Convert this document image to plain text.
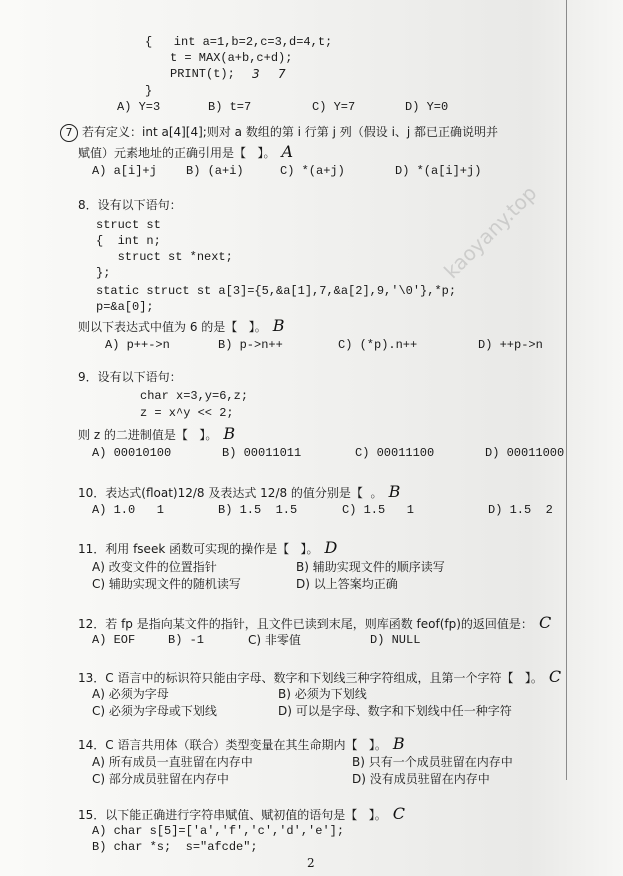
kaoyany.top
{   int a=1,b=2,c=3,d=4,t;
t = MAX(a+b,c+d);
PRINT(t); 3 7
}
A) Y=3	B) t=7	C) Y=7	D) Y=0
7 若有定义：int a[4][4];则对 a 数组的第 i 行第 j 列（假设 i、j 都已正确说明并
赋值）元素地址的正确引用是【   】。 A
A) a[i]+j B) (a+i)	C) *(a+j)	D) *(a[i]+j)
8．设有以下语句：
struct st
{  int n;
struct st *next;
};
static struct st a[3]={5,&a[1],7,&a[2],9,'\0'},*p;
p=&a[0];
则以下表达式中值为 6 的是【   】。 B
A) p++->n	B) p->n++	C) (*p).n++	D) ++p->n
9．设有以下语句：
char x=3,y=6,z;
z = x^y << 2;
则 z 的二进制值是【   】。 B
A) 00010100	B) 00011011	C) 00011100	D) 00011000
10．表达式(float)12/8 及表达式 12/8 的值分别是【  。 B
A) 1.0   1	B) 1.5  1.5	C) 1.5   1	D) 1.5  2
11．利用 fseek 函数可实现的操作是【   】。 D
A) 改变文件的位置指针	B) 辅助实现文件的顺序读写
C) 辅助实现文件的随机读写	D) 以上答案均正确
12．若 fp 是指向某文件的指针，且文件已读到末尾，则库函数 feof(fp)的返回值是： C
A) EOF	B) -1	C) 非零值	D) NULL
13．C 语言中的标识符只能由字母、数字和下划线三种字符组成，且第一个字符【   】。 C
A) 必须为字母	B) 必须为下划线
C) 必须为字母或下划线	D) 可以是字母、数字和下划线中任一种字符
14．C 语言共用体（联合）类型变量在其生命期内【   】。 B
A) 所有成员一直驻留在内存中	B) 只有一个成员驻留在内存中
C) 部分成员驻留在内存中	D) 没有成员驻留在内存中
15．以下能正确进行字符串赋值、赋初值的语句是【   】。 C
A) char s[5]=['a','f','c','d','e'];
B) char *s;  s="afcde";
2
